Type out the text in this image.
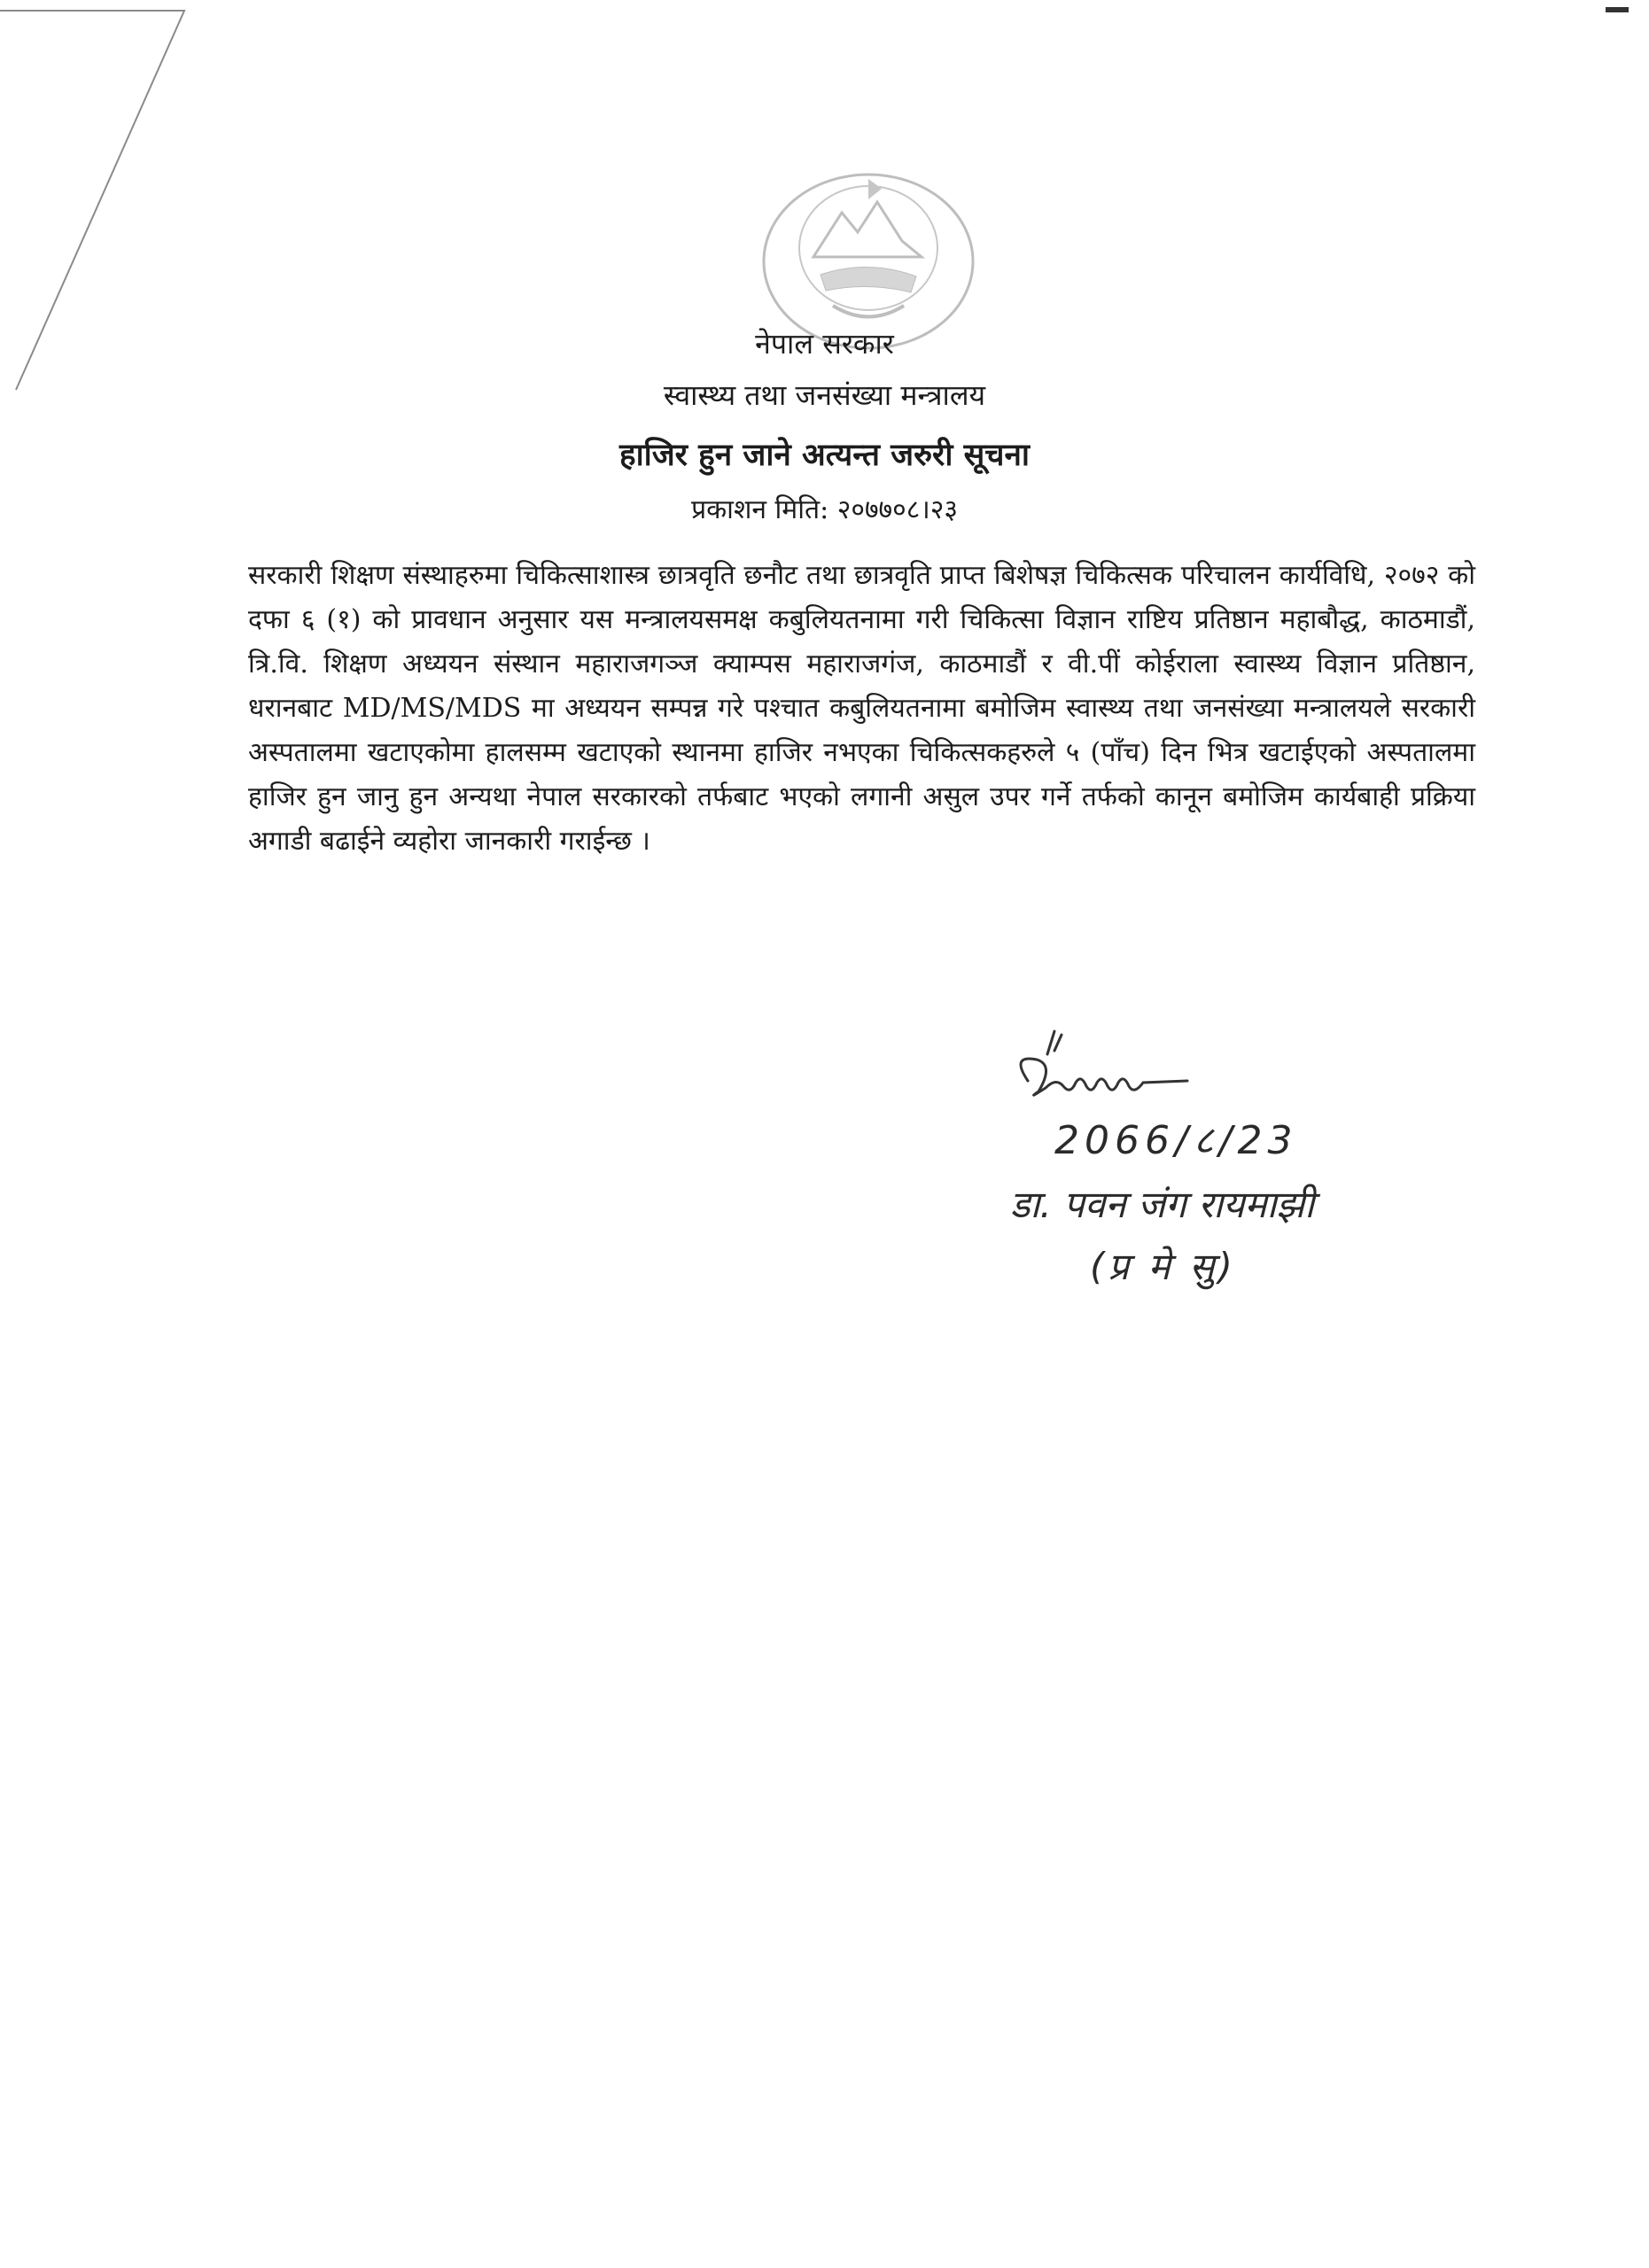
नेपाल सरकार
स्वास्थ्य तथा जनसंख्या मन्त्रालय
हाजिर हुन जाने अत्यन्त जरुरी सूचना
प्रकाशन मिति: २०७७०८।२३

सरकारी शिक्षण संस्थाहरुमा चिकित्साशास्त्र छात्रवृति छनौट तथा छात्रवृति प्राप्त बिशेषज्ञ चिकित्सक परिचालन कार्यविधि, २०७२ को दफा ६ (१) को प्रावधान अनुसार यस मन्त्रालयसमक्ष कबुलियतनामा गरी चिकित्सा विज्ञान राष्टिय प्रतिष्ठान महाबौद्ध, काठमाडौं, त्रि.वि. शिक्षण अध्ययन संस्थान महाराजगञ्ज क्याम्पस महाराजगंज, काठमाडौं र वी.पीं कोईराला स्वास्थ्य विज्ञान प्रतिष्ठान, धरानबाट MD/MS/MDS मा अध्ययन सम्पन्न गरे पश्चात कबुलियतनामा बमोजिम स्वास्थ्य तथा जनसंख्या मन्त्रालयले सरकारी अस्पतालमा खटाएकोमा हालसम्म खटाएको स्थानमा हाजिर नभएका चिकित्सकहरुले ५ (पाँच) दिन भित्र खटाईएको अस्पतालमा हाजिर हुन जानु हुन अन्यथा नेपाल सरकारको तर्फबाट भएको लगानी असुल उपर गर्ने तर्फको कानून बमोजिम कार्यबाही प्रक्रिया अगाडी बढाईने व्यहोरा जानकारी गराईन्छ ।

2066/८/23
डा. पवन जंग रायमाझी
(प्र मे सु)
